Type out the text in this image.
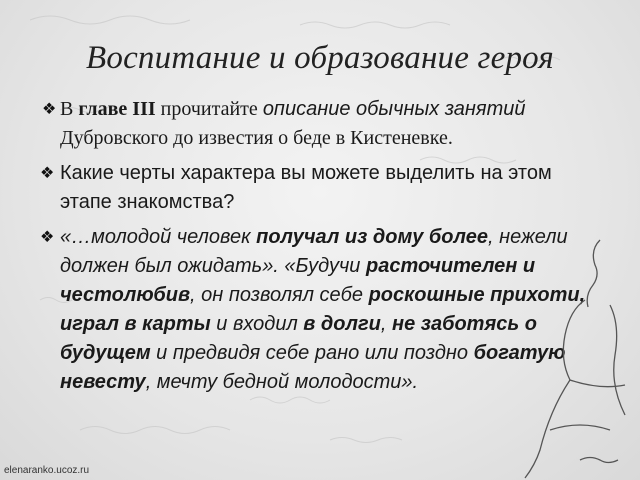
Воспитание и образование героя
❖ В главе III прочитайте описание обычных занятий Дубровского до известия о беде в Кистеневке.
❖ Какие черты характера вы можете выделить на этом этапе знакомства?
❖ «…молодой человек получал из дому более, нежели должен был ожидать». «Будучи расточителен и честолюбив, он позволял себе роскошные прихоти, играл в карты и входил в долги, не заботясь о будущем и предвидя себе рано или поздно богатую невесту, мечту бедной молодости».
elenaranko.ucoz.ru
